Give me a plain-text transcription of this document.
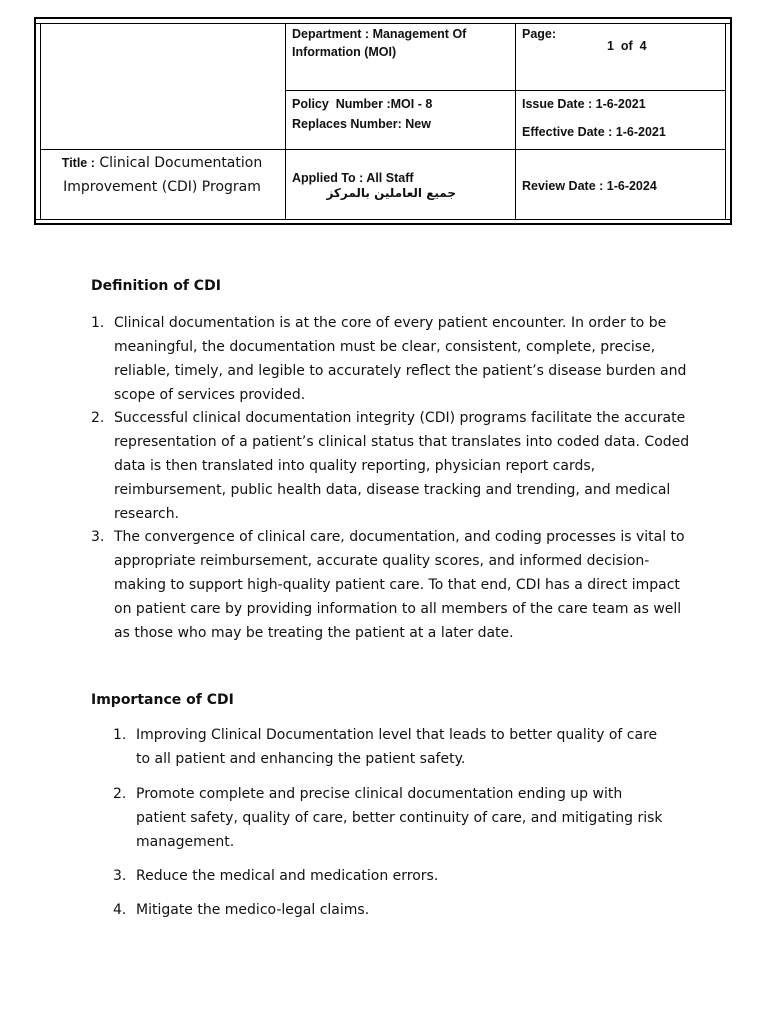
Department : Management Of Information (MOI)
Page:
1  of  4
Policy  Number :MOI - 8
Replaces Number: New
Issue Date : 1-6-2021
Effective Date : 1-6-2021
Title : Clinical Documentation Improvement (CDI) Program
Applied To : All Staff
جميع العاملين بالمركز	Review Date : 1-6-2024
Definition of CDI
1. Clinical documentation is at the core of every patient encounter. In order to be meaningful, the documentation must be clear, consistent, complete, precise, reliable, timely, and legible to accurately reflect the patient’s disease burden and scope of services provided.
2. Successful clinical documentation integrity (CDI) programs facilitate the accurate representation of a patient’s clinical status that translates into coded data. Coded data is then translated into quality reporting, physician report cards, reimbursement, public health data, disease tracking and trending, and medical research.
3. The convergence of clinical care, documentation, and coding processes is vital to appropriate reimbursement, accurate quality scores, and informed decision-making to support high-quality patient care. To that end, CDI has a direct impact on patient care by providing information to all members of the care team as well as those who may be treating the patient at a later date.
Importance of CDI
1. Improving Clinical Documentation level that leads to better quality of care to all patient and enhancing the patient safety.
2. Promote complete and precise clinical documentation ending up with patient safety, quality of care, better continuity of care, and mitigating risk management.
3. Reduce the medical and medication errors.
4. Mitigate the medico-legal claims.
